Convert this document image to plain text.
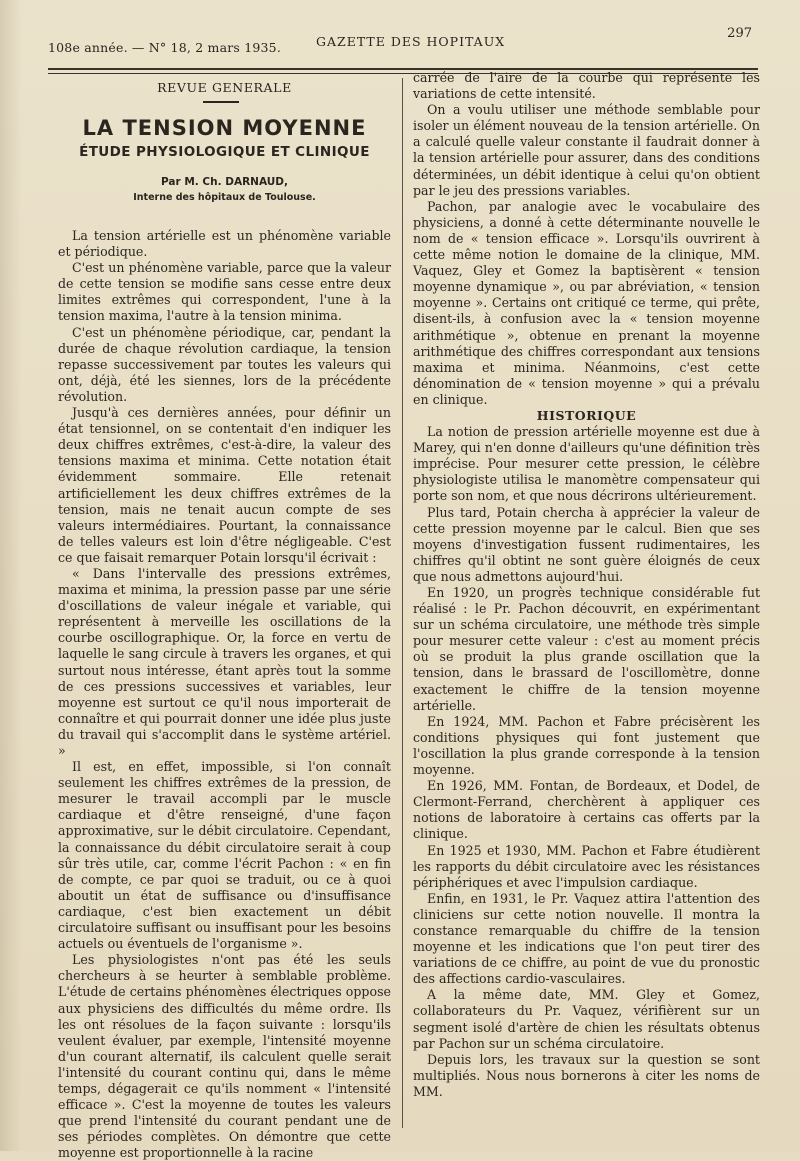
108e année. — N° 18, 2 mars 1935.	GAZETTE DES HOPITAUX
297
REVUE GENERALE
LA TENSION MOYENNE
ÉTUDE PHYSIOLOGIQUE ET CLINIQUE
Par M. Ch. DARNAUD,
Interne des hôpitaux de Toulouse.

La tension artérielle est un phénomène variable et périodique.

C'est un phénomène variable, parce que la valeur de cette tension se modifie sans cesse entre deux limites extrêmes qui correspondent, l'une à la tension maxima, l'autre à la tension minima.

C'est un phénomène périodique, car, pendant la durée de chaque révolution cardiaque, la tension repasse successivement par toutes les valeurs qui ont, déjà, été les siennes, lors de la précédente révolution.

Jusqu'à ces dernières années, pour définir un état tensionnel, on se contentait d'en indiquer les deux chiffres extrêmes, c'est-à-dire, la valeur des tensions maxima et minima. Cette notation était évidemment sommaire. Elle retenait artificiellement les deux chiffres extrêmes de la tension, mais ne tenait aucun compte de ses valeurs intermédiaires. Pourtant, la connaissance de telles valeurs est loin d'être négligeable. C'est ce que faisait remarquer Potain lorsqu'il écrivait :

« Dans l'intervalle des pressions extrêmes, maxima et minima, la pression passe par une série d'oscillations de valeur inégale et variable, qui représentent à merveille les oscillations de la courbe oscillographique. Or, la force en vertu de laquelle le sang circule à travers les organes, et qui surtout nous intéresse, étant après tout la somme de ces pressions successives et variables, leur moyenne est surtout ce qu'il nous importerait de connaître et qui pourrait donner une idée plus juste du travail qui s'accomplit dans le système artériel. »

Il est, en effet, impossible, si l'on connaît seulement les chiffres extrêmes de la pression, de mesurer le travail accompli par le muscle cardiaque et d'être renseigné, d'une façon approximative, sur le débit circulatoire. Cependant, la connaissance du débit circulatoire serait à coup sûr très utile, car, comme l'écrit Pachon : « en fin de compte, ce par quoi se traduit, ou ce à quoi aboutit un état de suffisance ou d'insuffisance cardiaque, c'est bien exactement un débit circulatoire suffisant ou insuffisant pour les besoins actuels ou éventuels de l'organisme ».

Les physiologistes n'ont pas été les seuls chercheurs à se heurter à semblable problème. L'étude de certains phénomènes électriques oppose aux physiciens des difficultés du même ordre. Ils les ont résolues de la façon suivante : lorsqu'ils veulent évaluer, par exemple, l'intensité moyenne d'un courant alternatif, ils calculent quelle serait l'intensité du courant continu qui, dans le même temps, dégagerait ce qu'ils nomment « l'intensité efficace ». C'est la moyenne de toutes les valeurs que prend l'intensité du courant pendant une de ses périodes complètes. On démontre que cette moyenne est proportionnelle à la racine

carrée de l'aire de la courbe qui représente les variations de cette intensité.

On a voulu utiliser une méthode semblable pour isoler un élément nouveau de la tension artérielle. On a calculé quelle valeur constante il faudrait donner à la tension artérielle pour assurer, dans des conditions déterminées, un débit identique à celui qu'on obtient par le jeu des pressions variables.

Pachon, par analogie avec le vocabulaire des physiciens, a donné à cette déterminante nouvelle le nom de « tension efficace ». Lorsqu'ils ouvrirent à cette même notion le domaine de la clinique, MM. Vaquez, Gley et Gomez la baptisèrent « tension moyenne dynamique », ou par abréviation, « tension moyenne ». Certains ont critiqué ce terme, qui prête, disent-ils, à confusion avec la « tension moyenne arithmétique », obtenue en prenant la moyenne arithmétique des chiffres correspondant aux tensions maxima et minima. Néanmoins, c'est cette dénomination de « tension moyenne » qui a prévalu en clinique.

HISTORIQUE

La notion de pression artérielle moyenne est due à Marey, qui n'en donne d'ailleurs qu'une définition très imprécise. Pour mesurer cette pression, le célèbre physiologiste utilisa le manomètre compensateur qui porte son nom, et que nous décrirons ultérieurement.

Plus tard, Potain chercha à apprécier la valeur de cette pression moyenne par le calcul. Bien que ses moyens d'investigation fussent rudimentaires, les chiffres qu'il obtint ne sont guère éloignés de ceux que nous admettons aujourd'hui.

En 1920, un progrès technique considérable fut réalisé : le Pr. Pachon découvrit, en expérimentant sur un schéma circulatoire, une méthode très simple pour mesurer cette valeur : c'est au moment précis où se produit la plus grande oscillation que la tension, dans le brassard de l'oscillomètre, donne exactement le chiffre de la tension moyenne artérielle.

En 1924, MM. Pachon et Fabre précisèrent les conditions physiques qui font justement que l'oscillation la plus grande corresponde à la tension moyenne.

En 1926, MM. Fontan, de Bordeaux, et Dodel, de Clermont-Ferrand, cherchèrent à appliquer ces notions de laboratoire à certains cas offerts par la clinique.

En 1925 et 1930, MM. Pachon et Fabre étudièrent les rapports du débit circulatoire avec les résistances périphériques et avec l'impulsion cardiaque.

Enfin, en 1931, le Pr. Vaquez attira l'attention des cliniciens sur cette notion nouvelle. Il montra la constance remarquable du chiffre de la tension moyenne et les indications que l'on peut tirer des variations de ce chiffre, au point de vue du pronostic des affections cardio-vasculaires.

A la même date, MM. Gley et Gomez, collaborateurs du Pr. Vaquez, vérifièrent sur un segment isolé d'artère de chien les résultats obtenus par Pachon sur un schéma circulatoire.

Depuis lors, les travaux sur la question se sont multipliés. Nous nous bornerons à citer les noms de MM.
